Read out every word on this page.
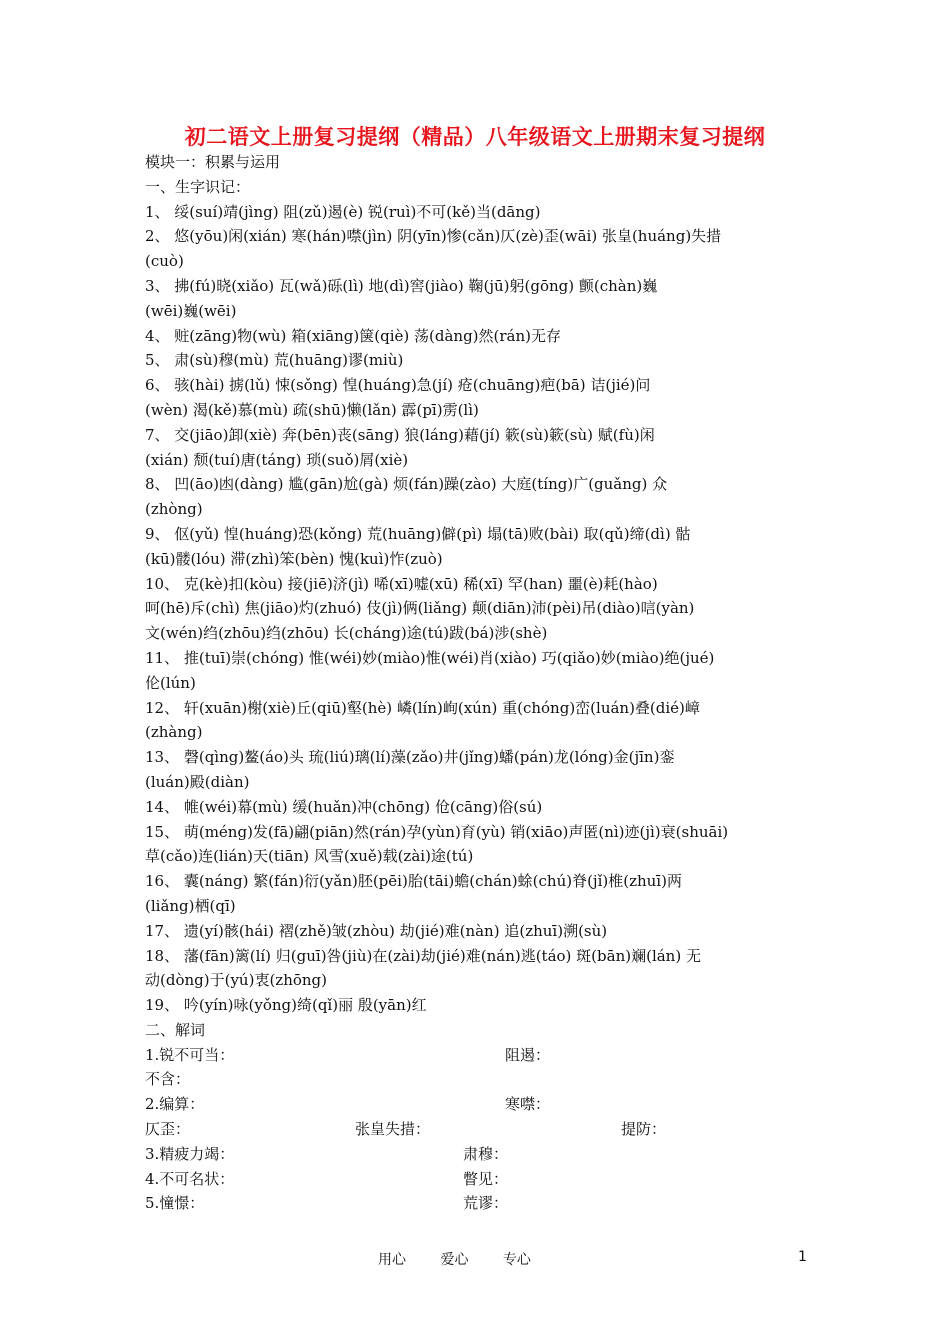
初二语文上册复习提纲（精品）八年级语文上册期末复习提纲
模块一：积累与运用
一、生字识记：
1、 绥(suí)靖(jìng) 阻(zǔ)遏(è) 锐(ruì)不可(kě)当(dāng)
2、 悠(yōu)闲(xián) 寒(hán)噤(jìn) 阴(yīn)惨(cǎn)仄(zè)歪(wāi) 张皇(huáng)失措
(cuò)
3、 拂(fú)晓(xiǎo) 瓦(wǎ)砾(lì) 地(dì)窖(jiào) 鞠(jū)躬(gōng) 颤(chàn)巍
(wēi)巍(wēi)
4、 赃(zāng)物(wù) 箱(xiāng)箧(qiè) 荡(dàng)然(rán)无存
5、 肃(sù)穆(mù) 荒(huāng)谬(miù)
6、 骇(hài) 掳(lǔ) 悚(sǒng) 惶(huáng)急(jí) 疮(chuāng)疤(bā) 诘(jié)问
(wèn) 渴(kě)慕(mù) 疏(shū)懒(lǎn) 霹(pī)雳(lì)
7、 交(jiāo)卸(xiè) 奔(bēn)丧(sāng) 狼(láng)藉(jí) 簌(sù)簌(sù) 赋(fù)闲
(xián) 颓(tuí)唐(táng) 琐(suǒ)屑(xiè)
8、 凹(āo)凼(dàng) 尴(gān)尬(gà) 烦(fán)躁(zào) 大庭(tíng)广(guǎng) 众
(zhòng)
9、 伛(yǔ) 惶(huáng)恐(kǒng) 荒(huāng)僻(pì) 塌(tā)败(bài) 取(qǔ)缔(dì) 骷
(kū)髅(lóu) 滞(zhì)笨(bèn) 愧(kuì)怍(zuò)
10、 克(kè)扣(kòu) 接(jiē)济(jì) 唏(xī)嘘(xū) 稀(xī) 罕(han) 噩(è)耗(hào)
呵(hē)斥(chì) 焦(jiāo)灼(zhuó) 伎(jì)俩(liǎng) 颠(diān)沛(pèi)吊(diào)唁(yàn)
文(wén)绉(zhōu)绉(zhōu) 长(cháng)途(tú)跋(bá)涉(shè)
11、 推(tuī)崇(chóng) 惟(wéi)妙(miào)惟(wéi)肖(xiào) 巧(qiǎo)妙(miào)绝(jué)
伦(lún)
12、 轩(xuān)榭(xiè)丘(qiū)壑(hè) 嶙(lín)峋(xún) 重(chóng)峦(luán)叠(dié)嶂
(zhàng)
13、 磬(qìng)鳌(áo)头 琉(liú)璃(lí)藻(zǎo)井(jǐng)蟠(pán)龙(lóng)金(jīn)銮
(luán)殿(diàn)
14、 帷(wéi)幕(mù) 缓(huǎn)冲(chōng) 伧(cāng)俗(sú)
15、 萌(méng)发(fā)翩(piān)然(rán)孕(yùn)育(yù) 销(xiāo)声匿(nì)迹(jì)衰(shuāi)
草(cǎo)连(lián)天(tiān) 风雪(xuě)载(zài)途(tú)
16、 囊(náng) 繁(fán)衍(yǎn)胚(pēi)胎(tāi)蟾(chán)蜍(chú)脊(jǐ)椎(zhuī)两
(liǎng)栖(qī)
17、 遗(yí)骸(hái) 褶(zhě)皱(zhòu) 劫(jié)难(nàn) 追(zhuī)溯(sù)
18、 藩(fān)篱(lí) 归(guī)咎(jiù)在(zài)劫(jié)难(nán)逃(táo) 斑(bān)斓(lán) 无
动(dòng)于(yú)衷(zhōng)
19、 吟(yín)咏(yǒng)绮(qǐ)丽 殷(yān)红
二、解词
1.锐不可当：	阻遏：
不含：
2.编算：	寒噤：
仄歪：	张皇失措：	提防：
3.精疲力竭：	肃穆：
4.不可名状：	瞥见：
5.憧憬：	荒谬：
用心 爱心 专心	1
